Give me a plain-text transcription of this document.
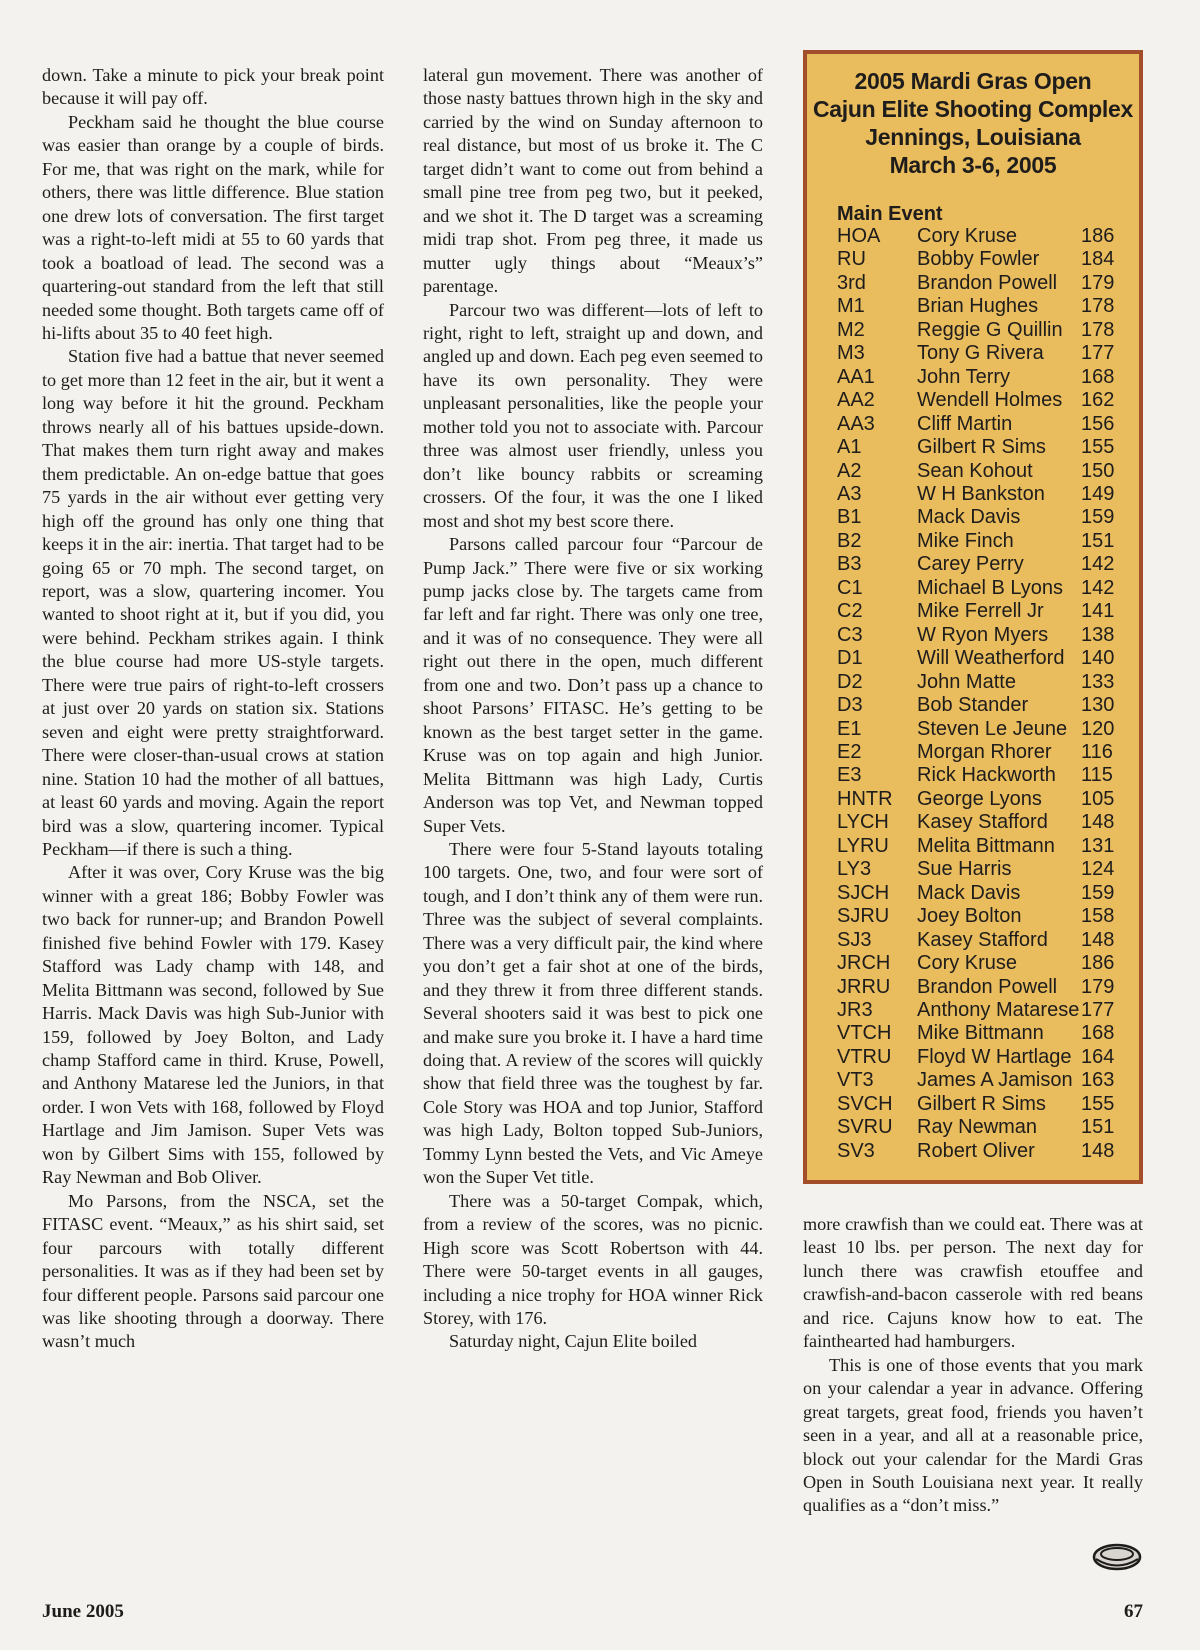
down. Take a minute to pick your break point because it will pay off.

Peckham said he thought the blue course was easier than orange by a couple of birds. For me, that was right on the mark, while for others, there was little difference. Blue station one drew lots of conversation. The first target was a right-to-left midi at 55 to 60 yards that took a boatload of lead. The second was a quartering-out standard from the left that still needed some thought. Both targets came off of hi-lifts about 35 to 40 feet high.

Station five had a battue that never seemed to get more than 12 feet in the air, but it went a long way before it hit the ground. Peckham throws nearly all of his battues upside-down. That makes them turn right away and makes them predictable. An on-edge battue that goes 75 yards in the air without ever getting very high off the ground has only one thing that keeps it in the air: inertia. That target had to be going 65 or 70 mph. The second target, on report, was a slow, quartering incomer. You wanted to shoot right at it, but if you did, you were behind. Peckham strikes again. I think the blue course had more US-style targets. There were true pairs of right-to-left crossers at just over 20 yards on station six. Stations seven and eight were pretty straightforward. There were closer-than-usual crows at station nine. Station 10 had the mother of all battues, at least 60 yards and moving. Again the report bird was a slow, quartering incomer. Typical Peckham—if there is such a thing.

After it was over, Cory Kruse was the big winner with a great 186; Bobby Fowler was two back for runner-up; and Brandon Powell finished five behind Fowler with 179. Kasey Stafford was Lady champ with 148, and Melita Bittmann was second, followed by Sue Harris. Mack Davis was high Sub-Junior with 159, followed by Joey Bolton, and Lady champ Stafford came in third. Kruse, Powell, and Anthony Matarese led the Juniors, in that order. I won Vets with 168, followed by Floyd Hartlage and Jim Jamison. Super Vets was won by Gilbert Sims with 155, followed by Ray Newman and Bob Oliver.

Mo Parsons, from the NSCA, set the FITASC event. “Meaux,” as his shirt said, set four parcours with totally different personalities. It was as if they had been set by four different people. Parsons said parcour one was like shooting through a doorway. There wasn’t much

lateral gun movement. There was another of those nasty battues thrown high in the sky and carried by the wind on Sunday afternoon to real distance, but most of us broke it. The C target didn’t want to come out from behind a small pine tree from peg two, but it peeked, and we shot it. The D target was a screaming midi trap shot. From peg three, it made us mutter ugly things about “Meaux’s” parentage.

Parcour two was different—lots of left to right, right to left, straight up and down, and angled up and down. Each peg even seemed to have its own personality. They were unpleasant personalities, like the people your mother told you not to associate with. Parcour three was almost user friendly, unless you don’t like bouncy rabbits or screaming crossers. Of the four, it was the one I liked most and shot my best score there.

Parsons called parcour four “Parcour de Pump Jack.” There were five or six working pump jacks close by. The targets came from far left and far right. There was only one tree, and it was of no consequence. They were all right out there in the open, much different from one and two. Don’t pass up a chance to shoot Parsons’ FITASC. He’s getting to be known as the best target setter in the game. Kruse was on top again and high Junior. Melita Bittmann was high Lady, Curtis Anderson was top Vet, and Newman topped Super Vets.

There were four 5-Stand layouts totaling 100 targets. One, two, and four were sort of tough, and I don’t think any of them were run. Three was the subject of several complaints. There was a very difficult pair, the kind where you don’t get a fair shot at one of the birds, and they threw it from three different stands. Several shooters said it was best to pick one and make sure you broke it. I have a hard time doing that. A review of the scores will quickly show that field three was the toughest by far. Cole Story was HOA and top Junior, Stafford was high Lady, Bolton topped Sub-Juniors, Tommy Lynn bested the Vets, and Vic Ameye won the Super Vet title.

There was a 50-target Compak, which, from a review of the scores, was no picnic. High score was Scott Robertson with 44. There were 50-target events in all gauges, including a nice trophy for HOA winner Rick Storey, with 176.

Saturday night, Cajun Elite boiled

more crawfish than we could eat. There was at least 10 lbs. per person. The next day for lunch there was crawfish etouffee and crawfish-and-bacon casserole with red beans and rice. Cajuns know how to eat. The fainthearted had hamburgers.

This is one of those events that you mark on your calendar a year in advance. Offering great targets, great food, friends you haven’t seen in a year, and all at a reasonable price, block out your calendar for the Mardi Gras Open in South Louisiana next year. It really qualifies as a “don’t miss.”

2005 Mardi Gras Open
Cajun Elite Shooting Complex
Jennings, Louisiana
March 3-6, 2005
Main Event
HOA	Cory Kruse	186
RU	Bobby Fowler	184
3rd	Brandon Powell	179
M1	Brian Hughes	178
M2	Reggie G Quillin	178
M3	Tony G Rivera	177
AA1	John Terry	168
AA2	Wendell Holmes	162
AA3	Cliff Martin	156
A1	Gilbert R Sims	155
A2	Sean Kohout	150
A3	W H Bankston	149
B1	Mack Davis	159
B2	Mike Finch	151
B3	Carey Perry	142
C1	Michael B Lyons	142
C2	Mike Ferrell Jr	141
C3	W Ryon Myers	138
D1	Will Weatherford	140
D2	John Matte	133
D3	Bob Stander	130
E1	Steven Le Jeune	120
E2	Morgan Rhorer	116
E3	Rick Hackworth	115
HNTR	George Lyons	105
LYCH	Kasey Stafford	148
LYRU	Melita Bittmann	131
LY3	Sue Harris	124
SJCH	Mack Davis	159
SJRU	Joey Bolton	158
SJ3	Kasey Stafford	148
JRCH	Cory Kruse	186
JRRU	Brandon Powell	179
JR3	Anthony Matarese	177
VTCH	Mike Bittmann	168
VTRU	Floyd W Hartlage	164
VT3	James A Jamison	163
SVCH	Gilbert R Sims	155
SVRU	Ray Newman	151
SV3	Robert Oliver	148
June 2005	67
